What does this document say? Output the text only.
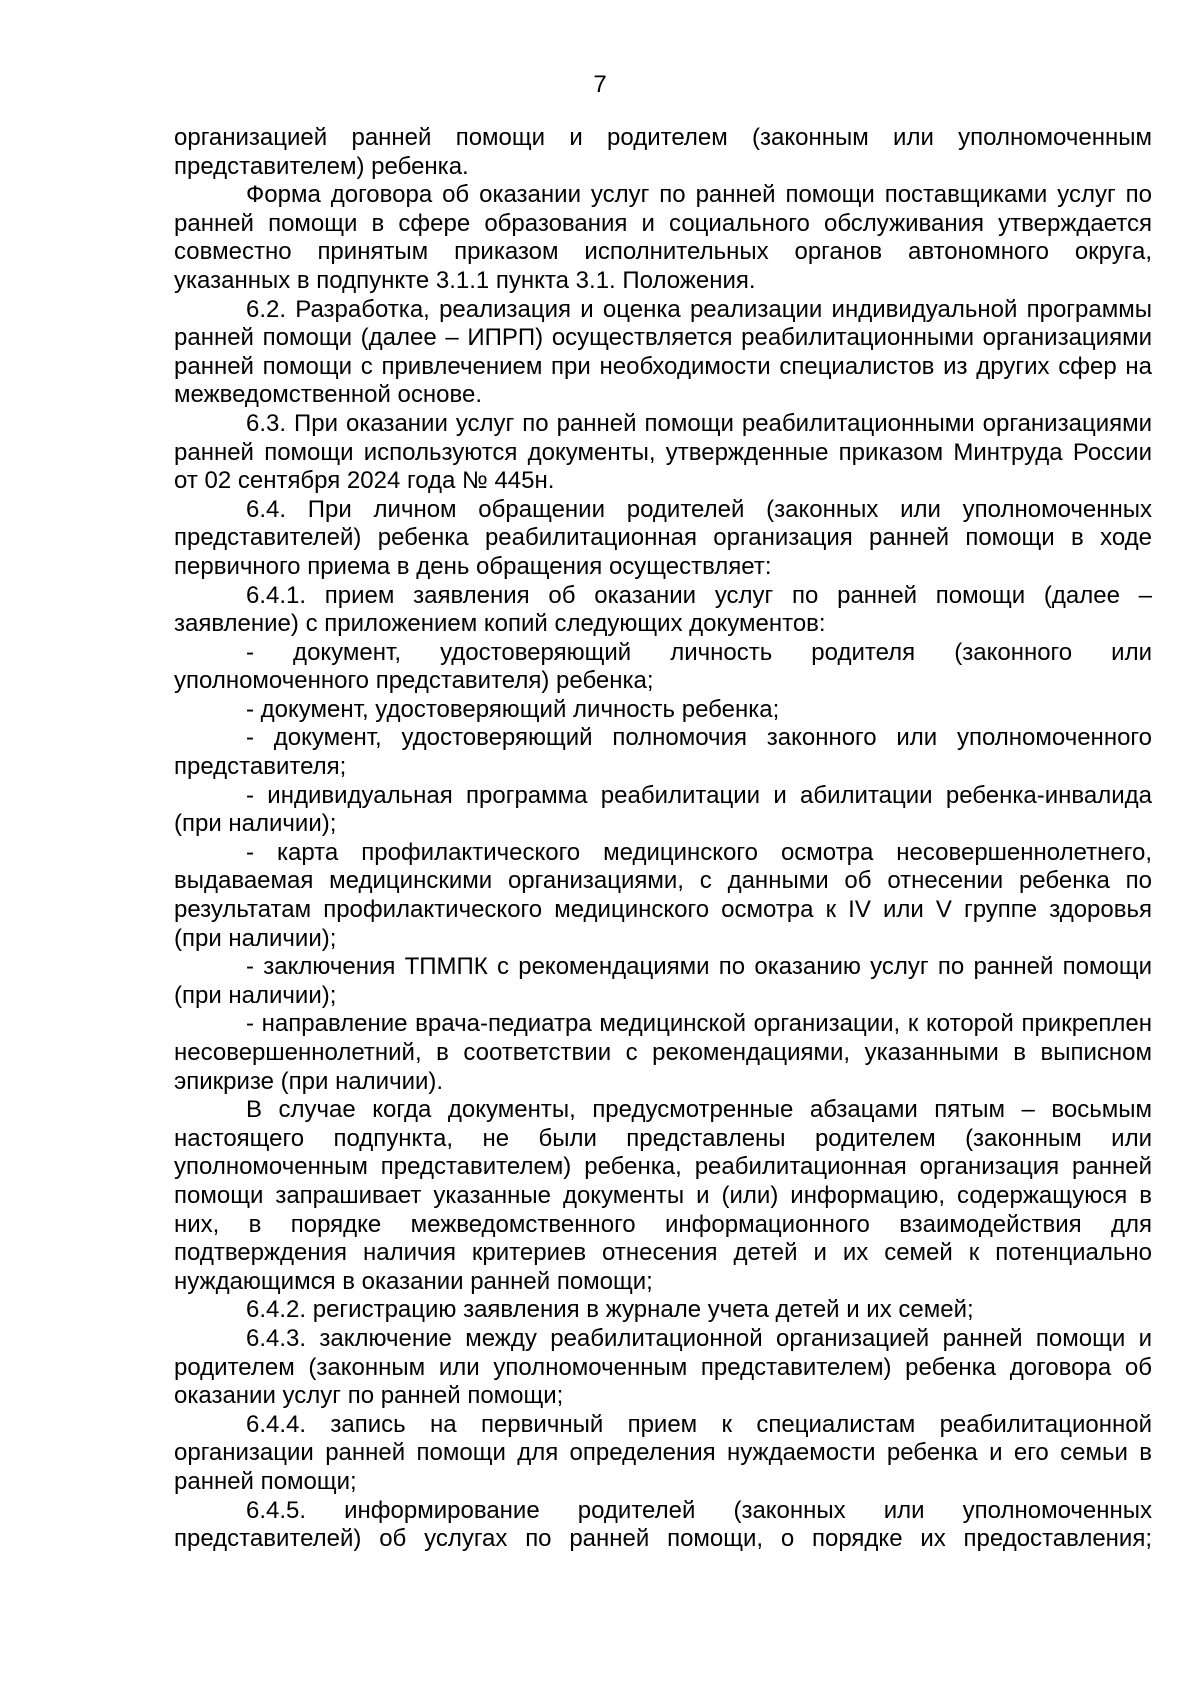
7

организацией ранней помощи и родителем (законным или уполномоченным представителем) ребенка.

Форма договора об оказании услуг по ранней помощи поставщиками услуг по ранней помощи в сфере образования и социального обслуживания утверждается совместно принятым приказом исполнительных органов автономного округа, указанных в подпункте 3.1.1 пункта 3.1. Положения.

6.2. Разработка, реализация и оценка реализации индивидуальной программы ранней помощи (далее – ИПРП) осуществляется реабилитационными организациями ранней помощи с привлечением при необходимости специалистов из других сфер на межведомственной основе.

6.3. При оказании услуг по ранней помощи реабилитационными организациями ранней помощи используются документы, утвержденные приказом Минтруда России от 02 сентября 2024 года № 445н.

6.4. При личном обращении родителей (законных или уполномоченных представителей) ребенка реабилитационная организация ранней помощи в ходе первичного приема в день обращения осуществляет:

6.4.1. прием заявления об оказании услуг по ранней помощи (далее – заявление) с приложением копий следующих документов:

- документ, удостоверяющий личность родителя (законного или уполномоченного представителя) ребенка;

- документ, удостоверяющий личность ребенка;

- документ, удостоверяющий полномочия законного или уполномоченного представителя;

- индивидуальная программа реабилитации и абилитации ребенка-инвалида (при наличии);

- карта профилактического медицинского осмотра несовершеннолетнего, выдаваемая медицинскими организациями, с данными об отнесении ребенка по результатам профилактического медицинского осмотра к IV или V группе здоровья (при наличии);

- заключения ТПМПК с рекомендациями по оказанию услуг по ранней помощи (при наличии);

- направление врача-педиатра медицинской организации, к которой прикреплен несовершеннолетний, в соответствии с рекомендациями, указанными в выписном эпикризе (при наличии).

В случае когда документы, предусмотренные абзацами пятым – восьмым настоящего подпункта, не были представлены родителем (законным или уполномоченным представителем) ребенка, реабилитационная организация ранней помощи запрашивает указанные документы и (или) информацию, содержащуюся в них, в порядке межведомственного информационного взаимодействия для подтверждения наличия критериев отнесения детей и их семей к потенциально нуждающимся в оказании ранней помощи;

6.4.2. регистрацию заявления в журнале учета детей и их семей;

6.4.3. заключение между реабилитационной организацией ранней помощи и родителем (законным или уполномоченным представителем) ребенка договора об оказании услуг по ранней помощи;

6.4.4. запись на первичный прием к специалистам реабилитационной организации ранней помощи для определения нуждаемости ребенка и его семьи в ранней помощи;

6.4.5. информирование родителей (законных или уполномоченных представителей) об услугах по ранней помощи, о порядке их предоставления;
